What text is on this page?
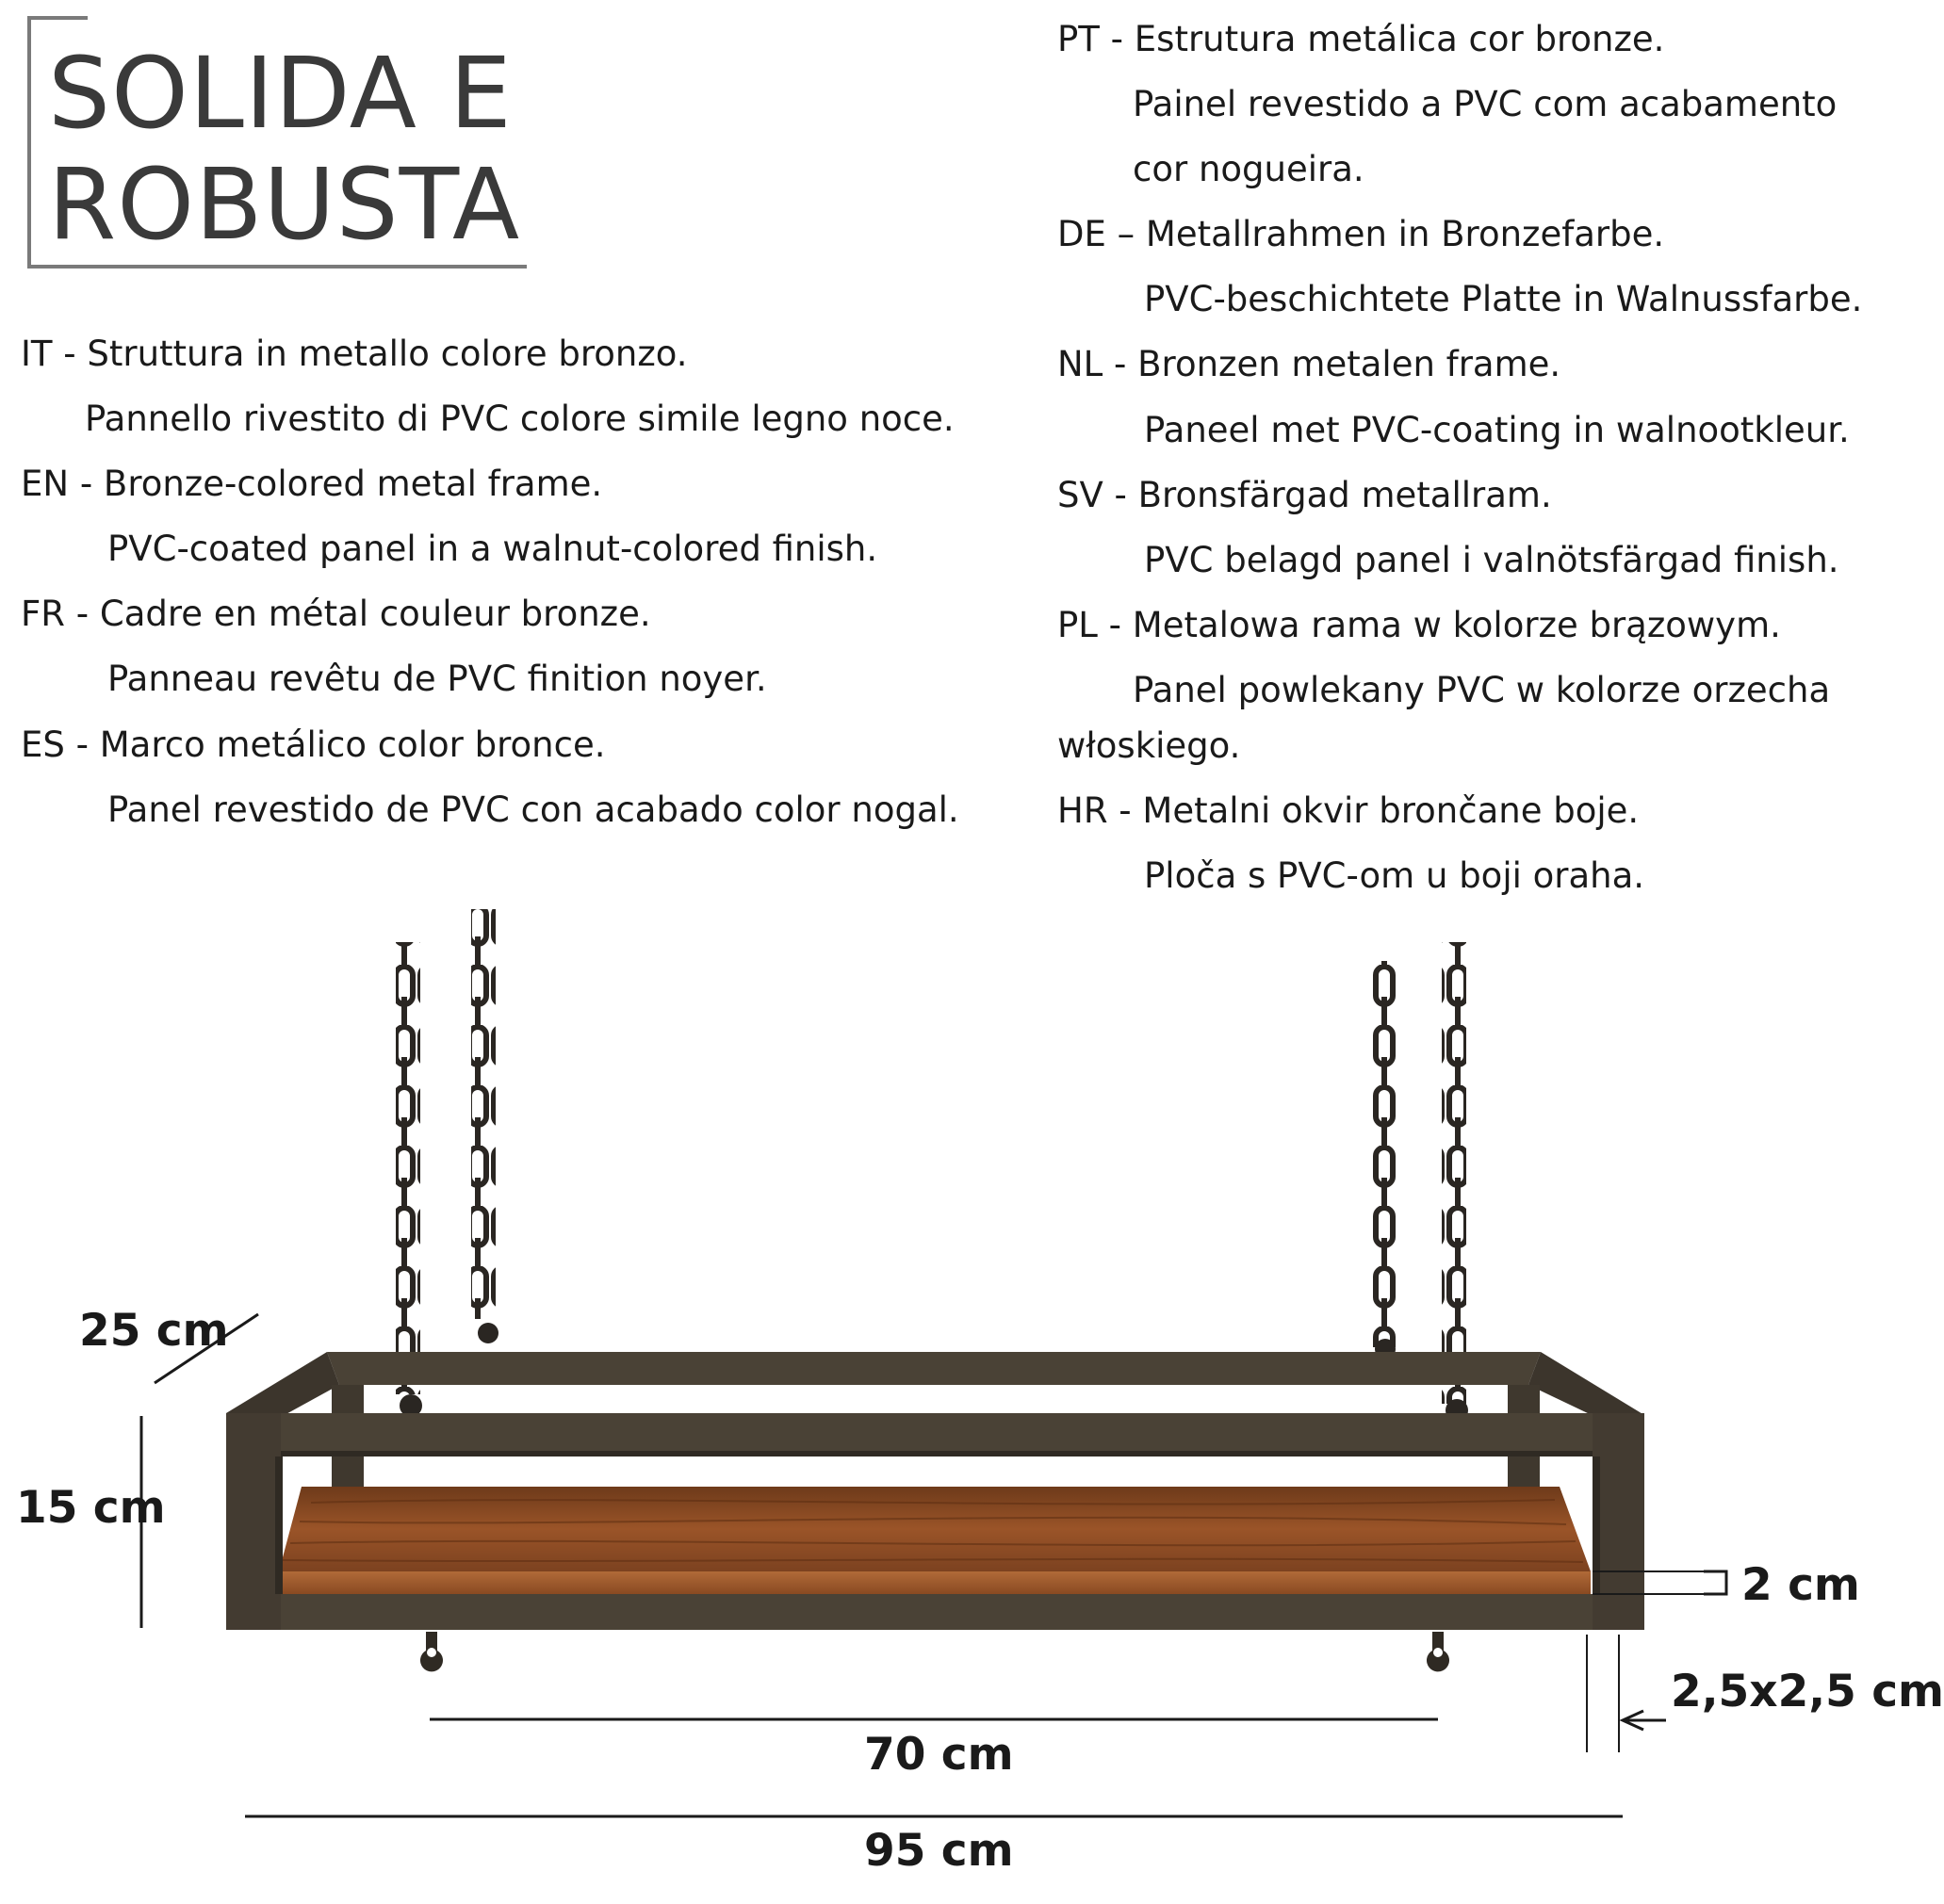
SOLIDA E
ROBUSTA
IT - Struttura in metallo colore bronzo.
Pannello rivestito di PVC colore simile legno noce.
EN - Bronze-colored metal frame.
PVC-coated panel in a walnut-colored finish.
FR - Cadre en métal couleur bronze.
Panneau revêtu de PVC finition noyer.
ES - Marco metálico color bronce.
Panel revestido de PVC con acabado color nogal.
PT - Estrutura metálica cor bronze.
Painel revestido a PVC com acabamento
cor nogueira.
DE – Metallrahmen in Bronzefarbe.
PVC-beschichtete Platte in Walnussfarbe.
NL - Bronzen metalen frame.
Paneel met PVC-coating in walnootkleur.
SV - Bronsfärgad metallram.
PVC belagd panel i valnötsfärgad finish.
PL - Metalowa rama w kolorze brązowym.
Panel powlekany PVC w kolorze orzecha
włoskiego.
HR - Metalni okvir brončane boje.
Ploča s PVC-om u boji oraha.
25 cm
15 cm
2 cm
2,5x2,5 cm
70 cm
95 cm
